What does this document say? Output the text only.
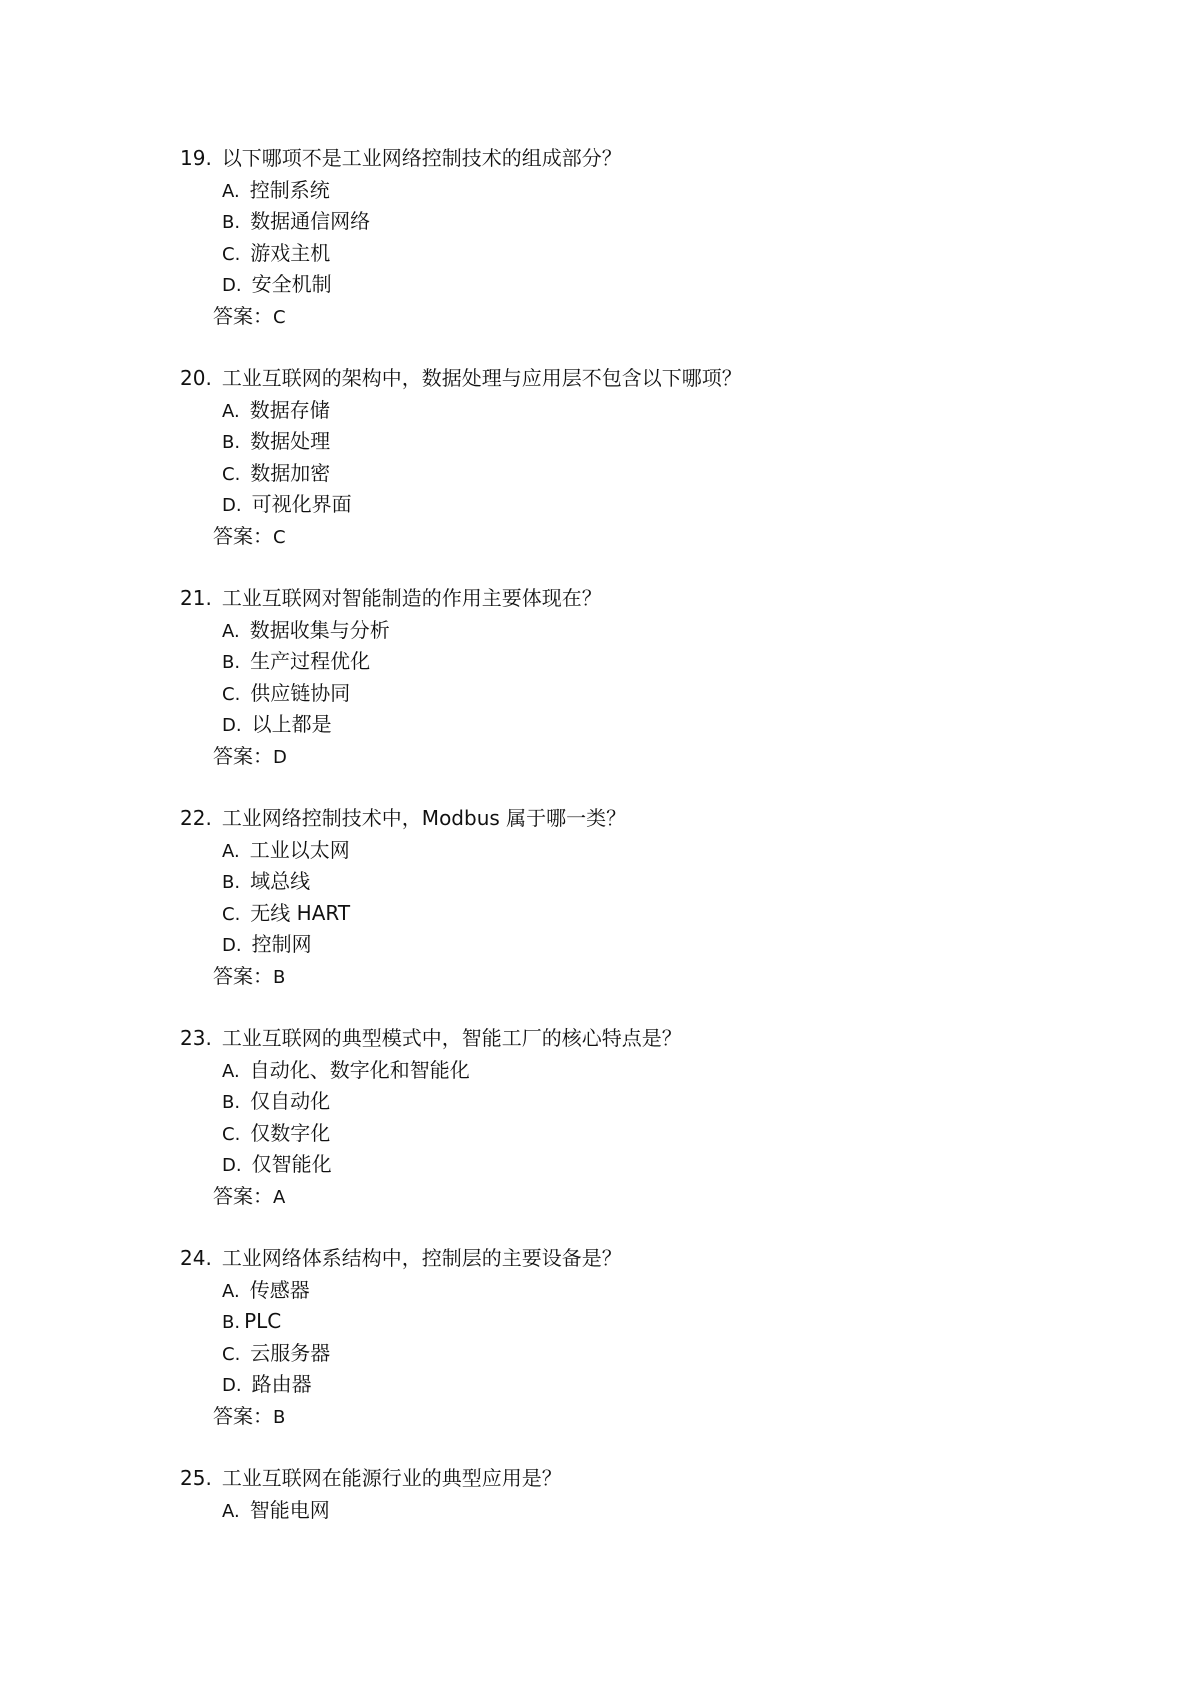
19. 以下哪项不是工业网络控制技术的组成部分？
A. 控制系统
B. 数据通信网络
C. 游戏主机
D. 安全机制
答案：C
20. 工业互联网的架构中，数据处理与应用层不包含以下哪项？
A. 数据存储
B. 数据处理
C. 数据加密
D. 可视化界面
答案：C
21. 工业互联网对智能制造的作用主要体现在？
A. 数据收集与分析
B. 生产过程优化
C. 供应链协同
D. 以上都是
答案：D
22. 工业网络控制技术中，Modbus 属于哪一类？
A. 工业以太网
B. 域总线
C. 无线 HART
D. 控制网
答案：B
23. 工业互联网的典型模式中，智能工厂的核心特点是？
A. 自动化、数字化和智能化
B. 仅自动化
C. 仅数字化
D. 仅智能化
答案：A
24. 工业网络体系结构中，控制层的主要设备是？
A. 传感器
B. PLC
C. 云服务器
D. 路由器
答案：B
25. 工业互联网在能源行业的典型应用是？
A. 智能电网
